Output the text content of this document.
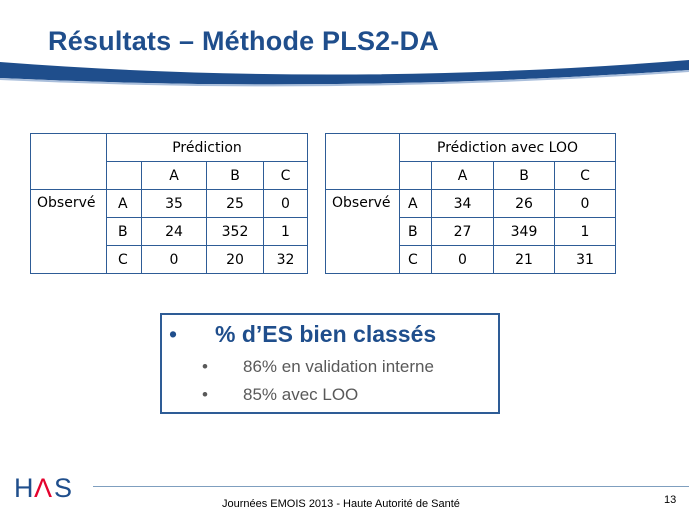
Résultats – Méthode PLS2-DA
	Prédiction			
		A	B	C
Observé	A	35	25	0
	B	24	352	1
	C	0	20	32
	Prédiction avec LOO			
		A	B	C
Observé	A	34	26	0
	B	27	349	1
	C	0	21	31
• % d’ES bien classés
• 86% en validation interne
• 85% avec LOO
H
Λ S
Journées EMOIS 2013 - Haute Autorité de Santé	13
